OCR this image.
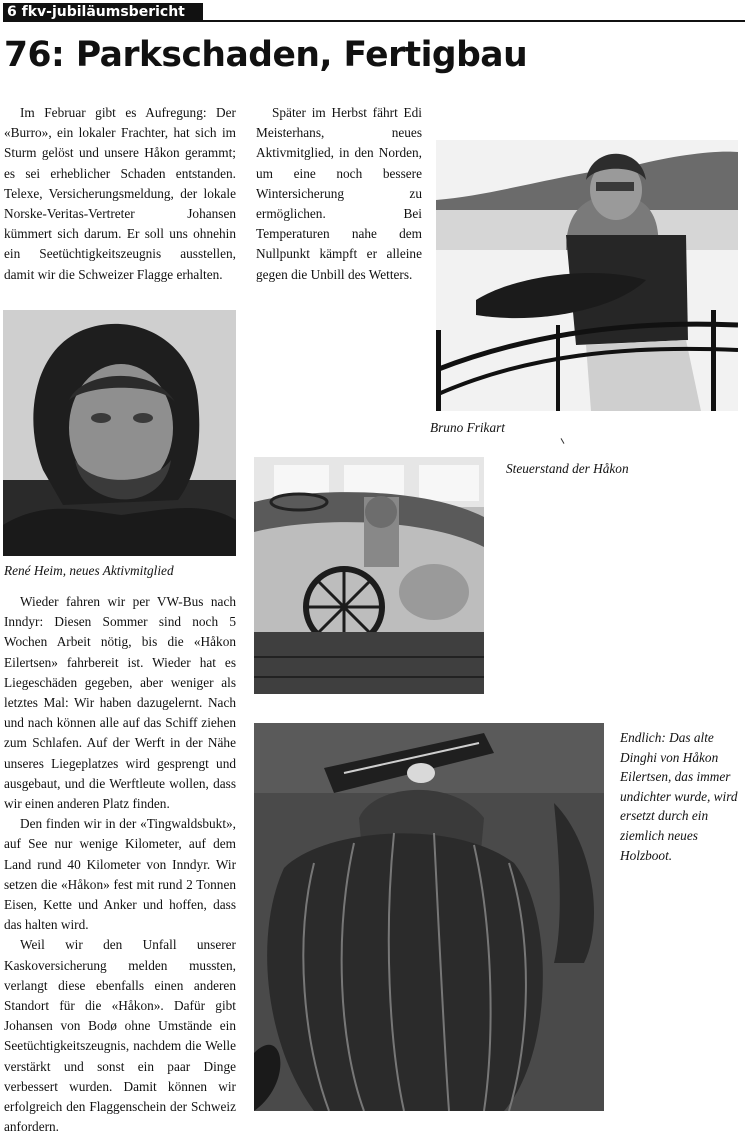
6 fkv-jubiläumsbericht
76: Parkschaden, Fertigbau

Im Februar gibt es Aufregung: Der «Burro», ein lokaler Frachter, hat sich im Sturm gelöst und unsere Håkon gerammt; es sei erheblicher Schaden entstanden. Telexe, Versicherungsmeldung, der lokale Norske-Veritas-Vertreter Johansen kümmert sich darum. Er soll uns ohnehin ein Seetüchtigkeitszeugnis ausstellen, damit wir die Schweizer Flagge erhalten.

Später im Herbst fährt Edi Meisterhans, neues Aktivmitglied, in den Norden, um eine noch bessere Wintersicherung zu ermöglichen. Bei Temperaturen nahe dem Nullpunkt kämpft er alleine gegen die Unbill des Wetters.

René Heim, neues Aktivmitglied

Wieder fahren wir per VW-Bus nach Inndyr: Diesen Sommer sind noch 5 Wochen Arbeit nötig, bis die «Håkon Eilertsen» fahrbereit ist. Wieder hat es Liegeschäden gegeben, aber weniger als letztes Mal: Wir haben dazugelernt. Nach und nach können alle auf das Schiff ziehen zum Schlafen. Auf der Werft in der Nähe unseres Liegeplatzes wird gesprengt und ausgebaut, und die Werftleute wollen, dass wir einen anderen Platz finden.

Den finden wir in der «Tingwaldsbukt», auf See nur wenige Kilometer, auf dem Land rund 40 Kilometer von Inndyr. Wir setzen die «Håkon» fest mit rund 2 Tonnen Eisen, Kette und Anker und hoffen, dass das halten wird.

Weil wir den Unfall unserer Kaskoversicherung melden mussten, verlangt diese ebenfalls einen anderen Standort für die «Håkon». Dafür gibt Johansen von Bodø ohne Umstände ein Seetüchtigkeitszeugnis, nachdem die Welle verstärkt und sonst ein paar Dinge verbessert wurden. Damit können wir erfolgreich den Flaggenschein der Schweiz anfordern.

Bruno Frikart
Steuerstand der Håkon
Endlich: Das alte Dinghi von Håkon Eilertsen, das immer undichter wurde, wird ersetzt durch ein ziemlich neues Holzboot.
